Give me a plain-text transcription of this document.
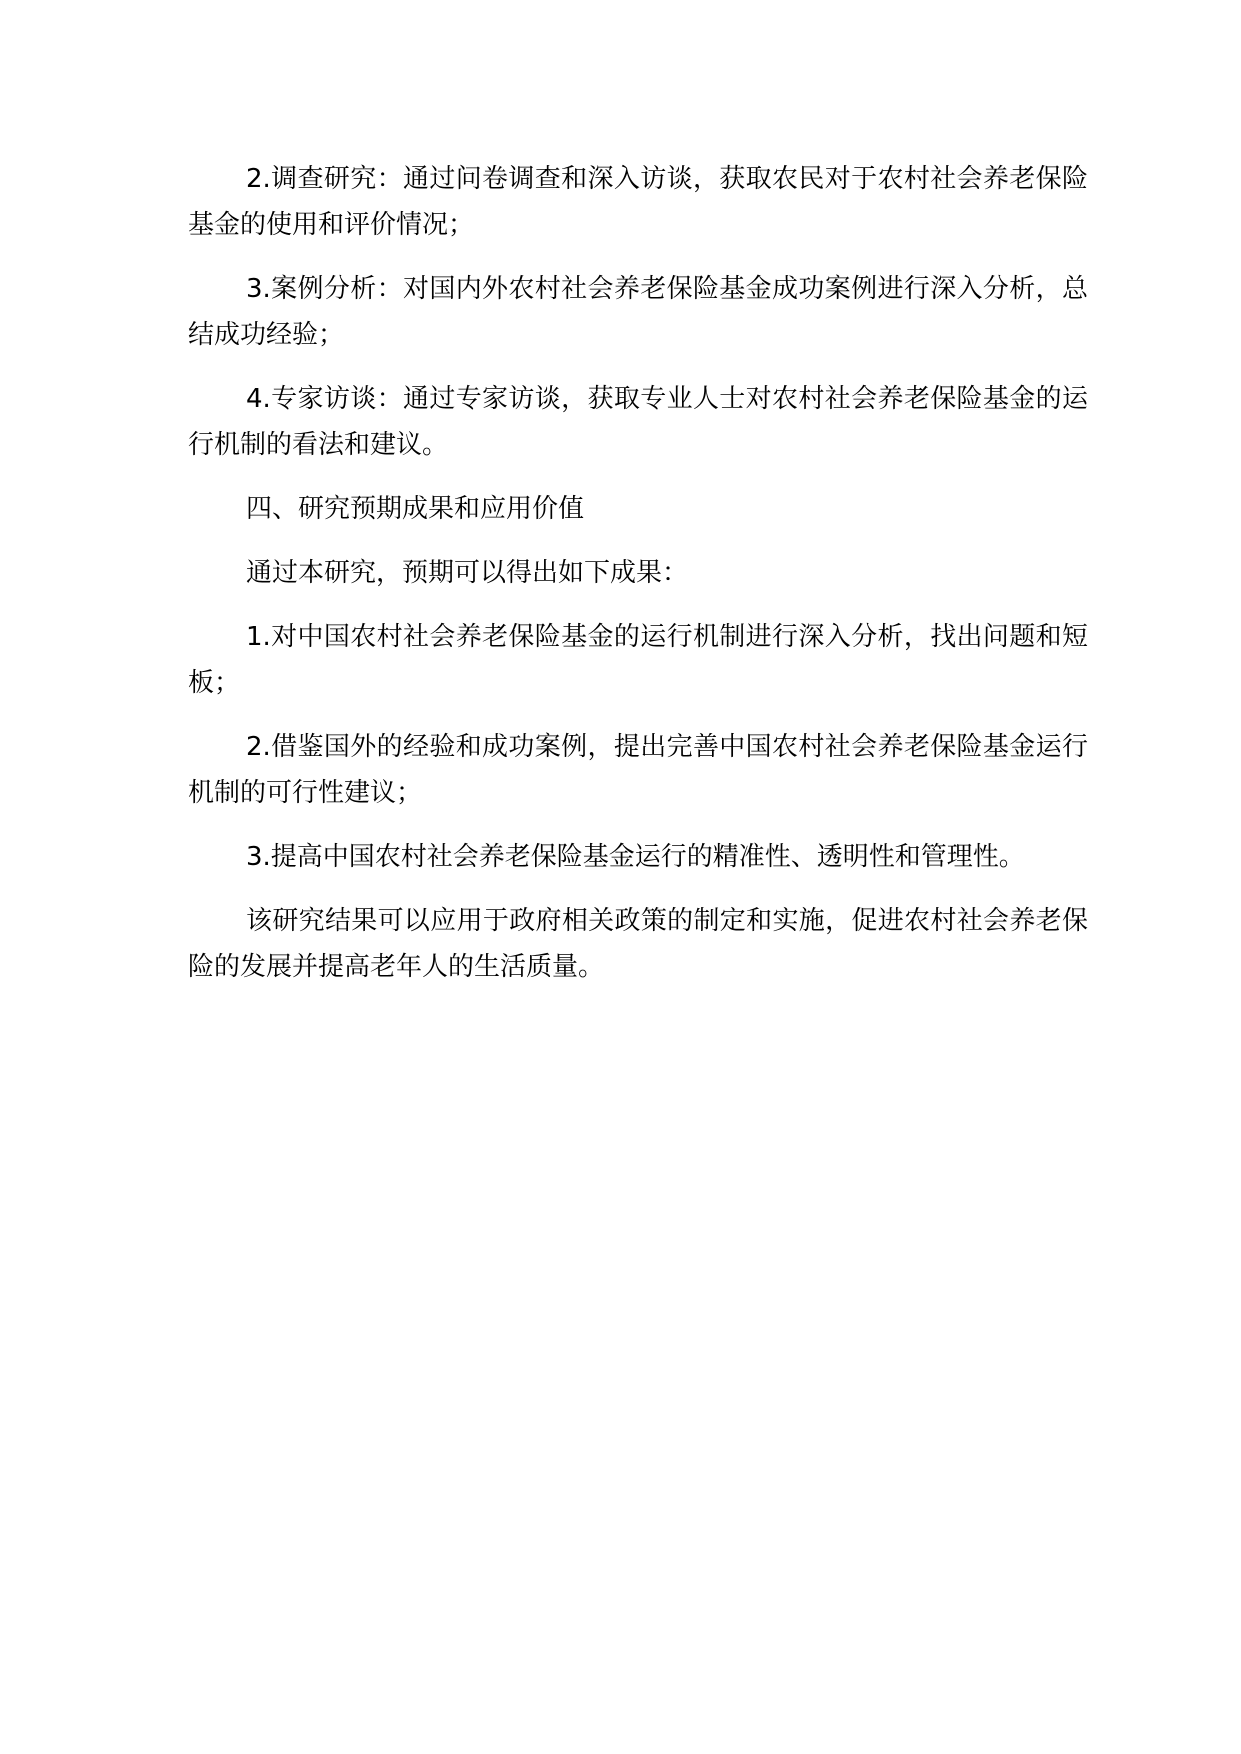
2.调查研究：通过问卷调查和深入访谈，获取农民对于农村社会养老保险基金的使用和评价情况；

3.案例分析：对国内外农村社会养老保险基金成功案例进行深入分析，总结成功经验；

4.专家访谈：通过专家访谈，获取专业人士对农村社会养老保险基金的运行机制的看法和建议。

四、研究预期成果和应用价值

通过本研究，预期可以得出如下成果：

1.对中国农村社会养老保险基金的运行机制进行深入分析，找出问题和短板；

2.借鉴国外的经验和成功案例，提出完善中国农村社会养老保险基金运行机制的可行性建议；

3.提高中国农村社会养老保险基金运行的精准性、透明性和管理性。

该研究结果可以应用于政府相关政策的制定和实施，促进农村社会养老保险的发展并提高老年人的生活质量。
